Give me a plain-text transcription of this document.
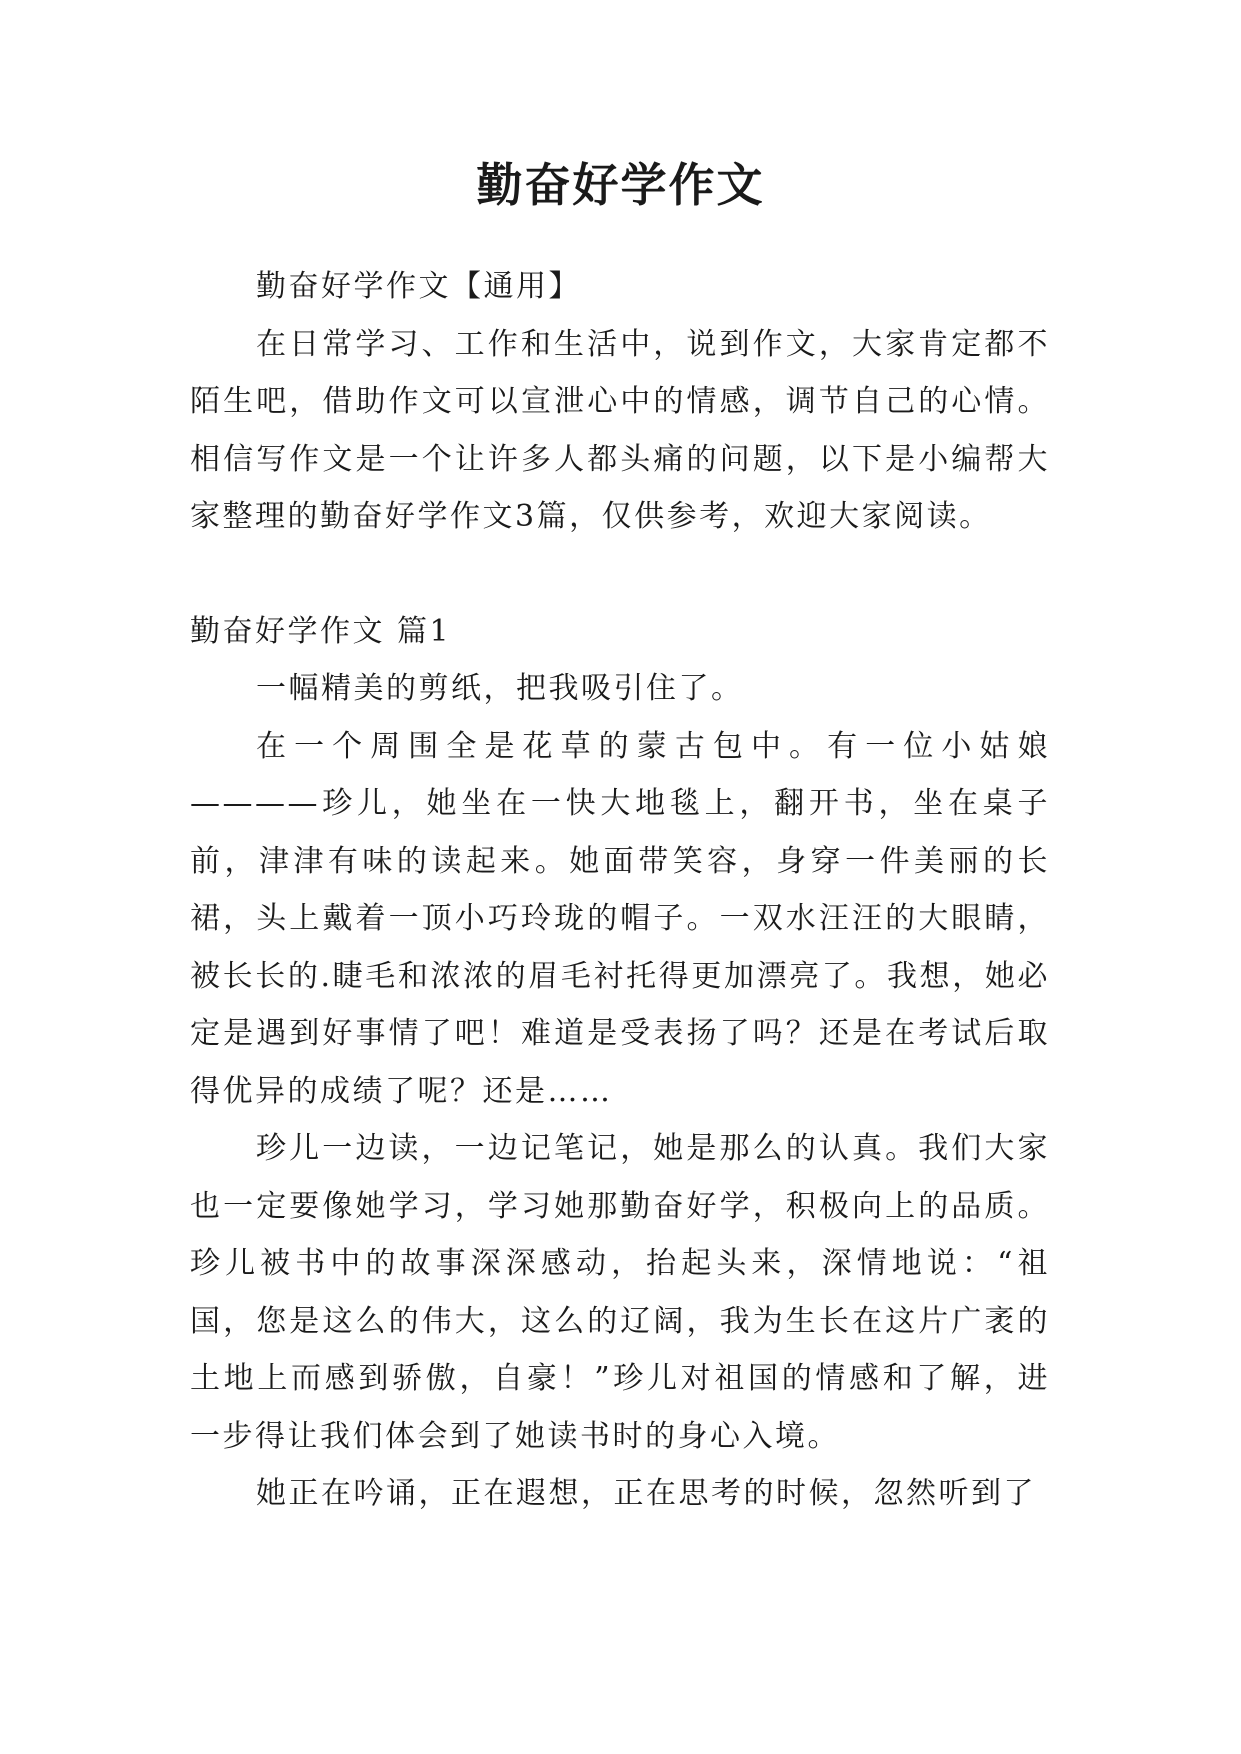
勤奋好学作文

勤奋好学作文【通用】

在日常学习、工作和生活中，说到作文，大家肯定都不陌生吧，借助作文可以宣泄心中的情感，调节自己的心情。相信写作文是一个让许多人都头痛的问题，以下是小编帮大家整理的勤奋好学作文3篇，仅供参考，欢迎大家阅读。

勤奋好学作文 篇1

一幅精美的剪纸，把我吸引住了。

在一个周围全是花草的蒙古包中。有一位小姑娘————珍儿，她坐在一快大地毯上，翻开书，坐在桌子前，津津有味的读起来。她面带笑容，身穿一件美丽的长裙，头上戴着一顶小巧玲珑的帽子。一双水汪汪的大眼睛，被长长的.睫毛和浓浓的眉毛衬托得更加漂亮了。我想，她必定是遇到好事情了吧！难道是受表扬了吗？还是在考试后取得优异的成绩了呢？还是……

珍儿一边读，一边记笔记，她是那么的认真。我们大家也一定要像她学习，学习她那勤奋好学，积极向上的品质。珍儿被书中的故事深深感动，抬起头来，深情地说：“祖国，您是这么的伟大，这么的辽阔，我为生长在这片广袤的土地上而感到骄傲，自豪！”珍儿对祖国的情感和了解，进一步得让我们体会到了她读书时的身心入境。

她正在吟诵，正在遐想，正在思考的时候，忽然听到了
